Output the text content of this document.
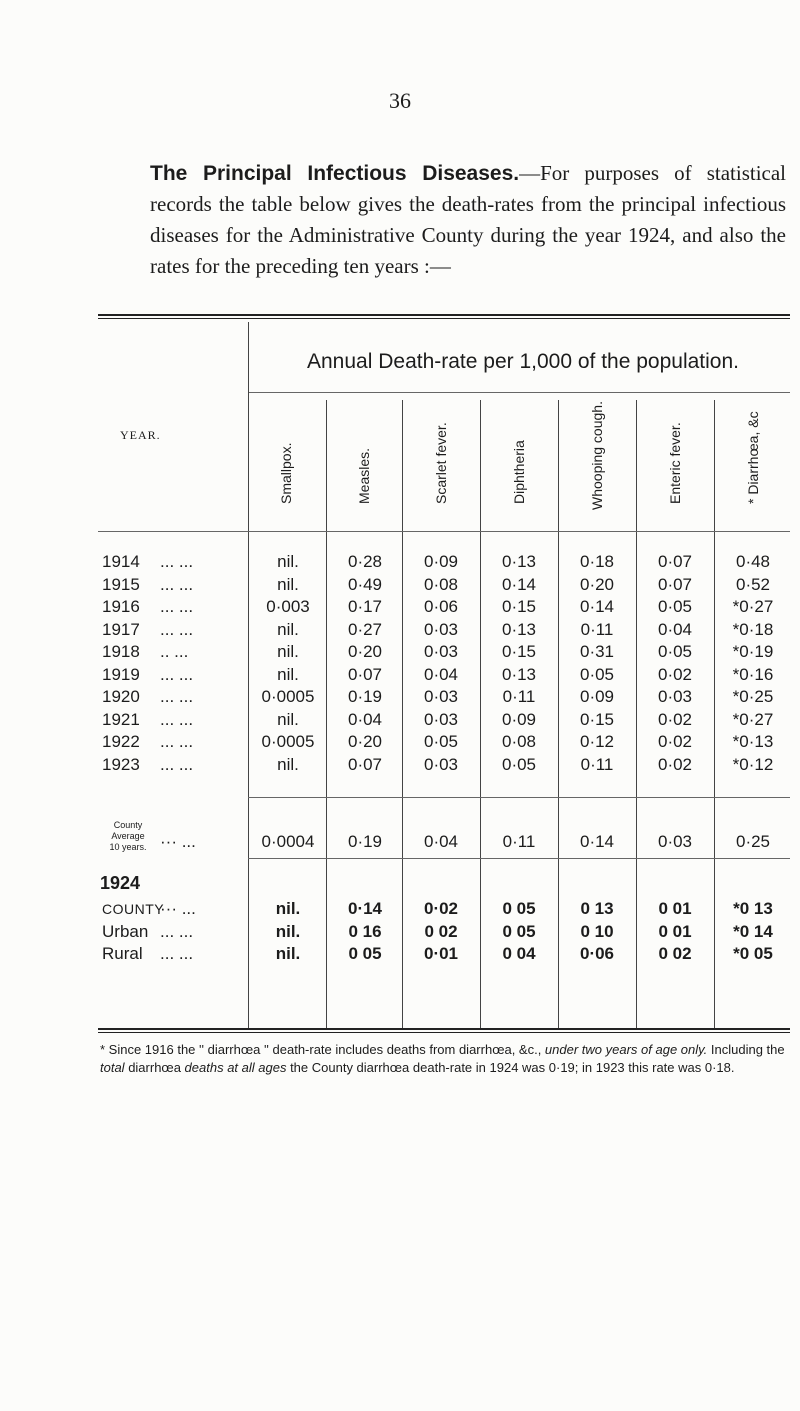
36

The Principal Infectious Diseases.—For purposes of statistical records the table below gives the death-rates from the principal infectious diseases for the Administrative County during the year 1924, and also the rates for the preceding ten years :—

Annual Death-rate per 1,000 of the population.
YEAR.
Smallpox.	Measles.	Scarlet fever.	Diphtheria	Whooping cough.	Enteric fever.	* Diarrhœa, &c
1914 ... ...	nil.	0·28	0·09	0·13	0·18	0·07	0·48
1915 ... ...	nil.	0·49	0·08	0·14	0·20	0·07	0·52
1916 ... ...	0·003	0·17	0·06	0·15	0·14	0·05	*0·27
1917 ... ...	nil.	0·27	0·03	0·13	0·11	0·04	*0·18
1918 .. ...	nil.	0·20	0·03	0·15	0·31	0·05	*0·19
1919 ... ...	nil.	0·07	0·04	0·13	0·05	0·02	*0·16
1920 ... ...	0·0005	0·19	0·03	0·11	0·09	0·03	*0·25
1921 ... ...	nil.	0·04	0·03	0·09	0·15	0·02	*0·27
1922 ... ...	0·0005	0·20	0·05	0·08	0·12	0·02	*0·13
1923 ... ...	nil.	0·07	0·03	0·05	0·11	0·02	*0·12
County
Average
10 years. ··· ...	0·0004	0·19	0·04	0·11	0·14	0·03	0·25
1924
COUNTY
··· ...	nil.	0·14	0·02	0 05	0 13	0 01	*0 13
Urban ... ...	nil.	0 16	0 02	0 05	0 10	0 01	*0 14
Rural ... ...	nil.	0 05	0·01	0 04	0·06	0 02	*0 05

* Since 1916 the '' diarrhœa '' death-rate includes deaths from diarrhœa, &c., under two years of age only. Including the total diarrhœa deaths at all ages the County diarrhœa death-rate in 1924 was 0·19; in 1923 this rate was 0·18.
